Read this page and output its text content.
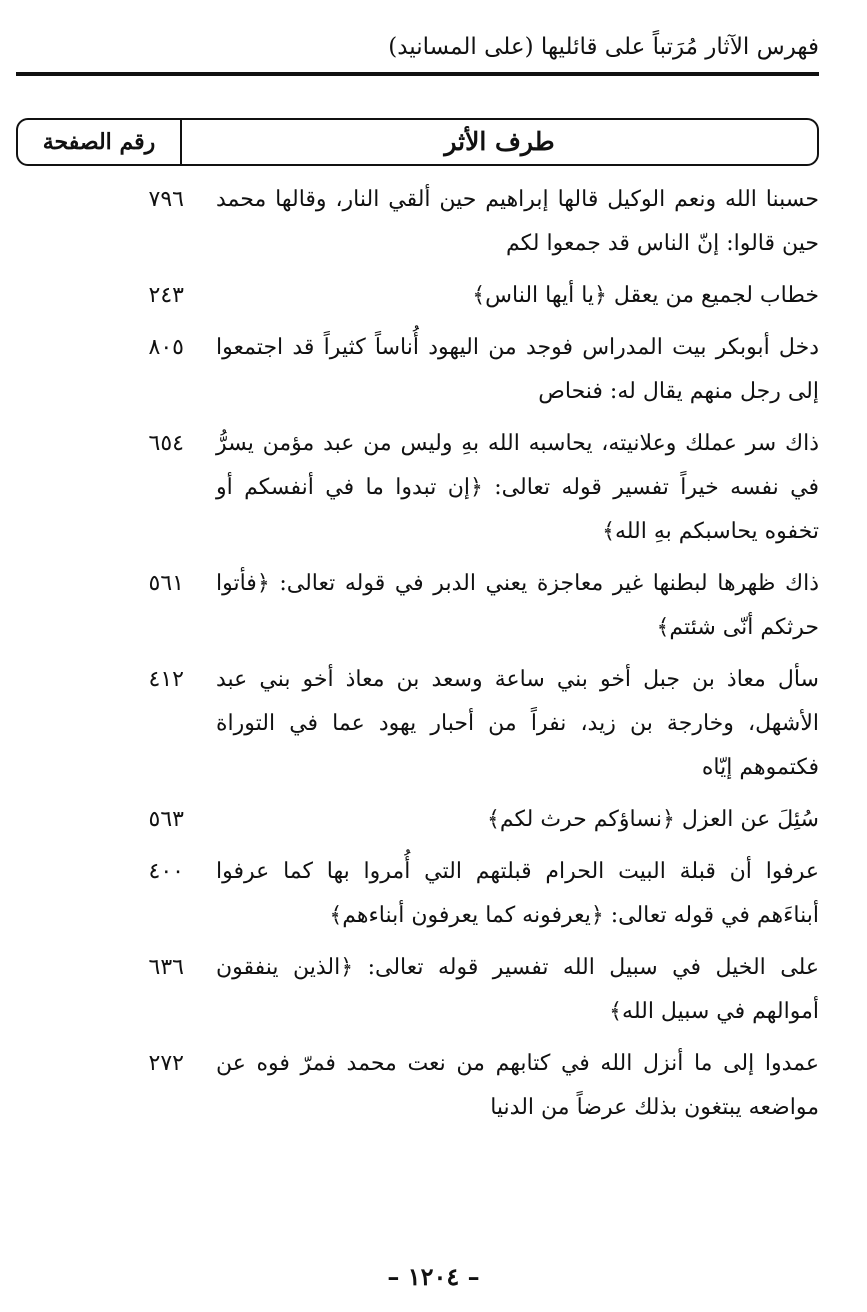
فهرس الآثار مُرَتباً على قائليها (على المسانيد)
طرف الأثر
رقم الصفحة
حسبنا الله ونعم الوكيل قالها إبراهيم حين ألقي النار، وقالها محمد حين قالوا: إنّ الناس قد جمعوا لكم
٧٩٦
خطاب لجميع من يعقل ﴿يا أيها الناس﴾
٢٤٣
دخل أبوبكر بيت المدراس فوجد من اليهود أُناساً كثيراً قد اجتمعوا إلى رجل منهم يقال له: فنحاص
٨٠٥
ذاك سر عملك وعلانيته، يحاسبه الله بهِ وليس من عبد مؤمن يسرُّ في نفسه خيراً تفسير قوله تعالى: ﴿إن تبدوا ما في أنفسكم أو تخفوه يحاسبكم بهِ الله﴾
٦٥٤
ذاك ظهرها لبطنها غير معاجزة يعني الدبر في قوله تعالى: ﴿فأتوا حرثكم أنّى شئتم﴾
٥٦١
سأل معاذ بن جبل أخو بني ساعة وسعد بن معاذ أخو بني عبد الأشهل، وخارجة بن زيد، نفراً من أحبار يهود عما في التوراة فكتموهم إيّاه
٤١٢
سُئِلَ عن العزل ﴿نساؤكم حرث لكم﴾
٥٦٣
عرفوا أن قبلة البيت الحرام قبلتهم التي أُمروا بها كما عرفوا أبناءَهم في قوله تعالى: ﴿يعرفونه كما يعرفون أبناءهم﴾
٤٠٠
على الخيل في سبيل الله تفسير قوله تعالى: ﴿الذين ينفقون أموالهم في سبيل الله﴾
٦٣٦
عمدوا إلى ما أنزل الله في كتابهم من نعت محمد فمرّ فوه عن مواضعه يبتغون بذلك عرضاً من الدنيا
٢٧٢
– ١٢٠٤ –
